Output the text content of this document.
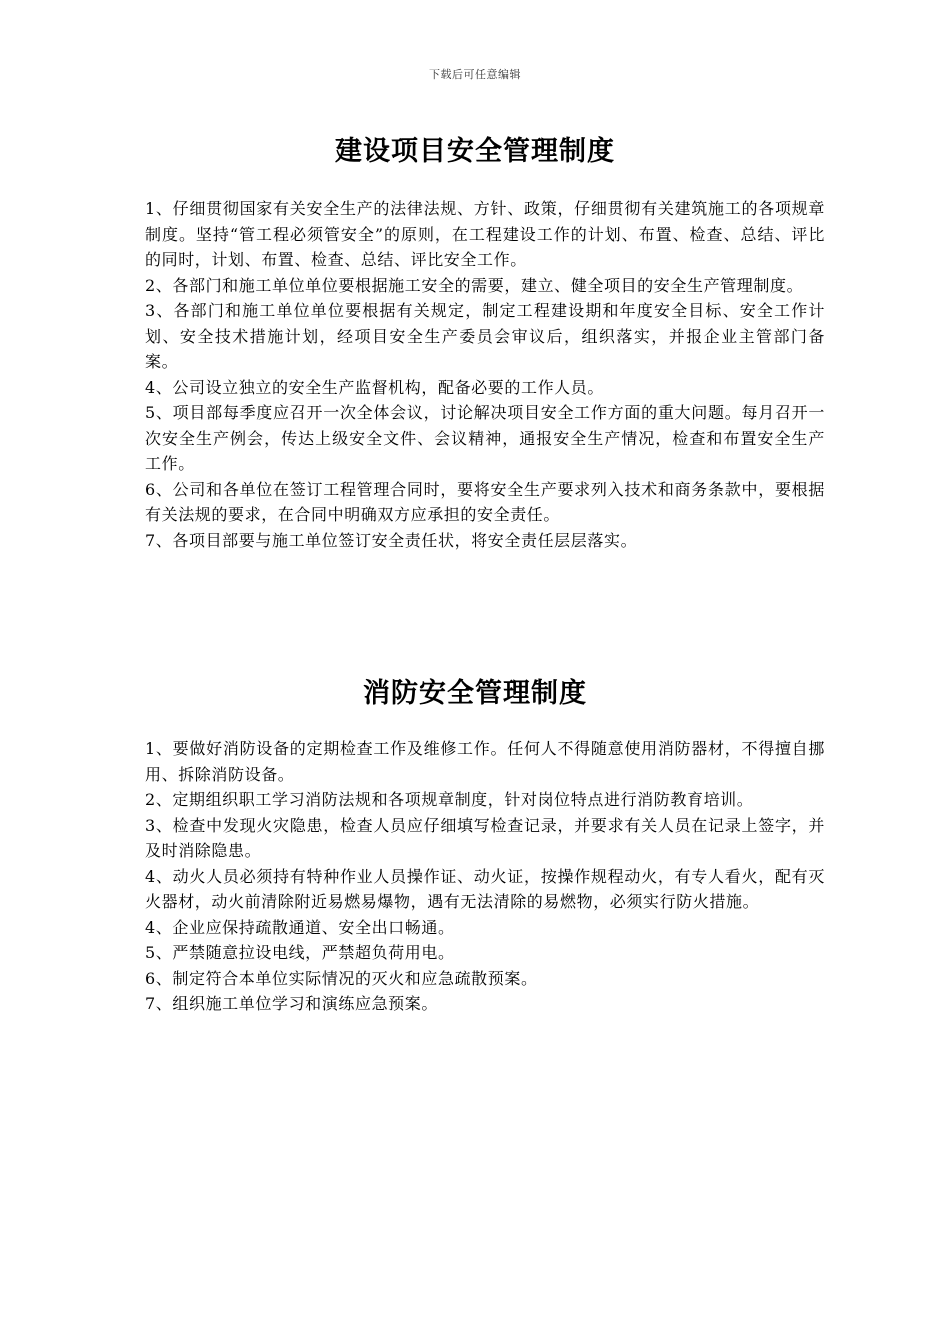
下载后可任意编辑
建设项目安全管理制度

1、仔细贯彻国家有关安全生产的法律法规、方针、政策，仔细贯彻有关建筑施工的各项规章制度。坚持“管工程必须管安全”的原则，在工程建设工作的计划、布置、检查、总结、评比的同时，计划、布置、检查、总结、评比安全工作。

2、各部门和施工单位单位要根据施工安全的需要，建立、健全项目的安全生产管理制度。

3、各部门和施工单位单位要根据有关规定，制定工程建设期和年度安全目标、安全工作计划、安全技术措施计划，经项目安全生产委员会审议后，组织落实，并报企业主管部门备案。

4、公司设立独立的安全生产监督机构，配备必要的工作人员。

5、项目部每季度应召开一次全体会议，讨论解决项目安全工作方面的重大问题。每月召开一次安全生产例会，传达上级安全文件、会议精神，通报安全生产情况，检查和布置安全生产工作。

6、公司和各单位在签订工程管理合同时，要将安全生产要求列入技术和商务条款中，要根据有关法规的要求，在合同中明确双方应承担的安全责任。

7、各项目部要与施工单位签订安全责任状，将安全责任层层落实。

消防安全管理制度

1、要做好消防设备的定期检查工作及维修工作。任何人不得随意使用消防器材，不得擅自挪用、拆除消防设备。

2、定期组织职工学习消防法规和各项规章制度，针对岗位特点进行消防教育培训。

3、检查中发现火灾隐患，检查人员应仔细填写检查记录，并要求有关人员在记录上签字，并及时消除隐患。

4、动火人员必须持有特种作业人员操作证、动火证，按操作规程动火，有专人看火，配有灭火器材，动火前清除附近易燃易爆物，遇有无法清除的易燃物，必须实行防火措施。

4、企业应保持疏散通道、安全出口畅通。

5、严禁随意拉设电线，严禁超负荷用电。

6、制定符合本单位实际情况的灭火和应急疏散预案。

7、组织施工单位学习和演练应急预案。
